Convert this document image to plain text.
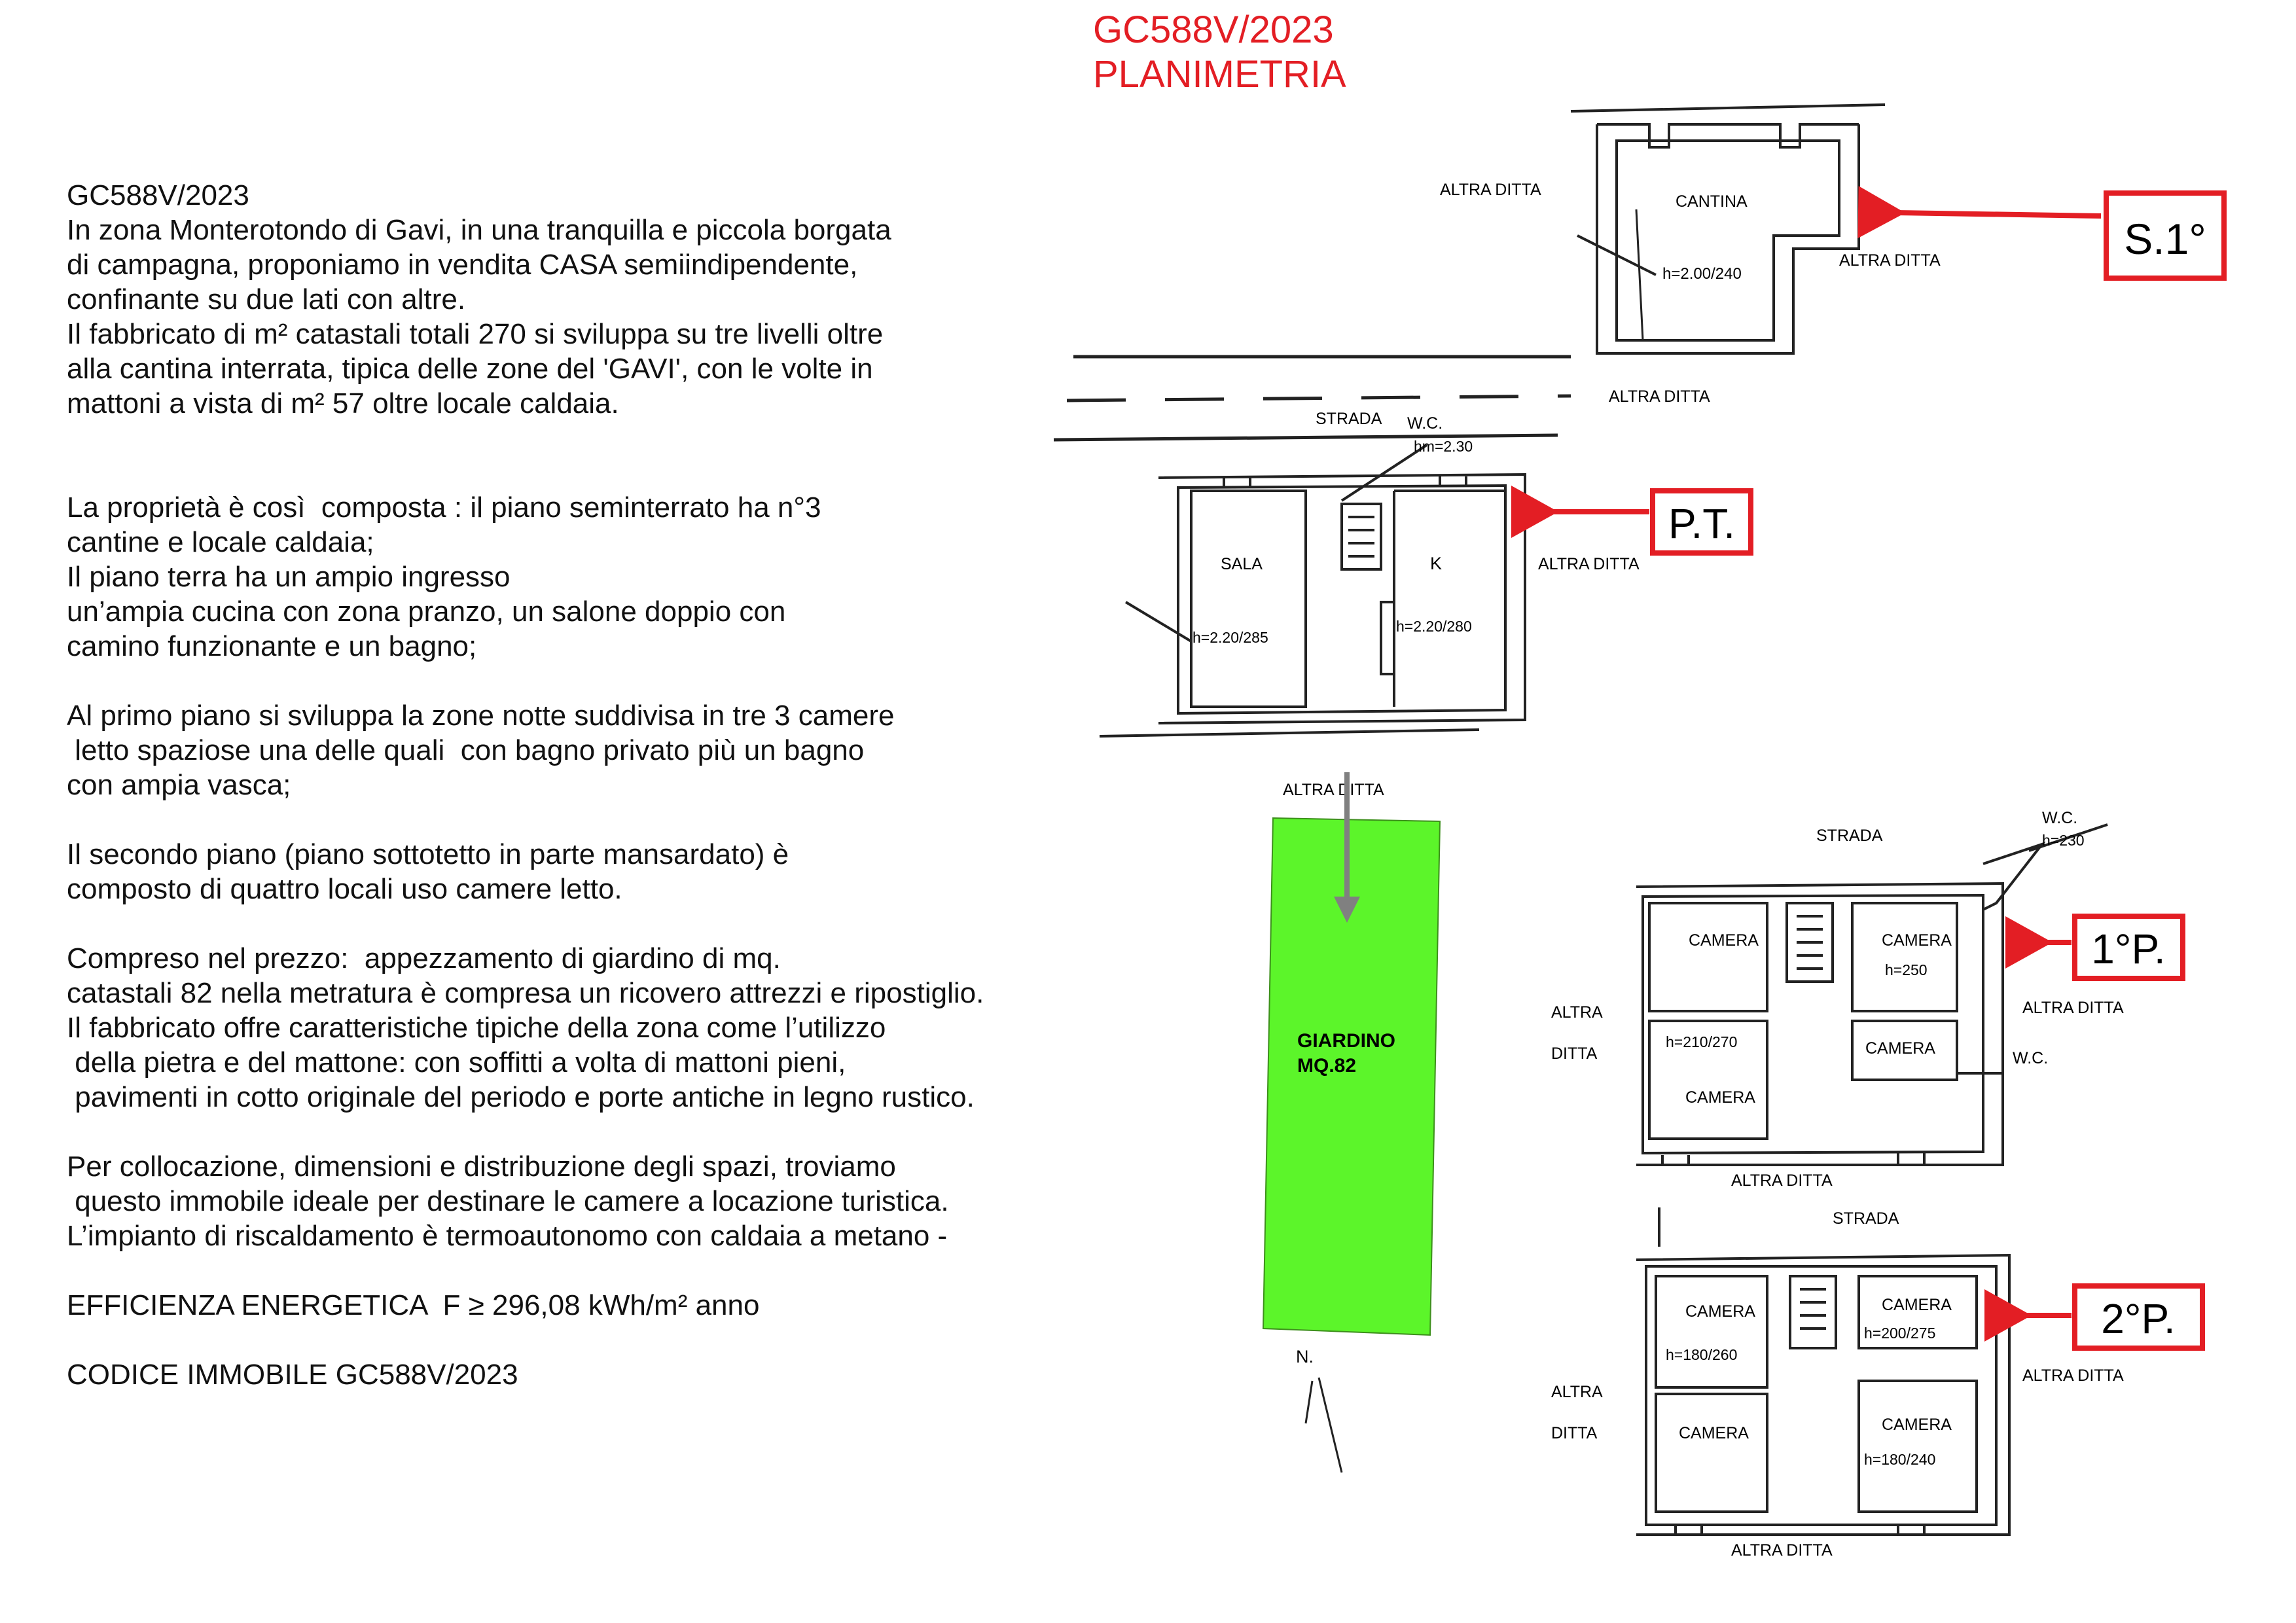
GC588V/2023
PLANIMETRIA

GC588V/2023

In zona Monterotondo di Gavi, in una tranquilla e piccola borgata

di campagna, proponiamo in vendita CASA semiindipendente,

confinante su due lati con altre.

Il fabbricato di m² catastali totali 270 si sviluppa su tre livelli oltre

alla cantina interrata, tipica delle zone del 'GAVI', con le volte in

mattoni a vista di m² 57 oltre locale caldaia.

La proprietà è così  composta : il piano seminterrato ha n°3

cantine e locale caldaia;

Il piano terra ha un ampio ingresso

un’ampia cucina con zona pranzo, un salone doppio con

camino funzionante e un bagno;

Al primo piano si sviluppa la zone notte suddivisa in tre 3 camere

letto spaziose una delle quali  con bagno privato più un bagno

con ampia vasca;

Il secondo piano (piano sottotetto in parte mansardato) è

composto di quattro locali uso camere letto.

Compreso nel prezzo:  appezzamento di giardino di mq.

catastali 82 nella metratura è compresa un ricovero attrezzi e ripostiglio.

Il fabbricato offre caratteristiche tipiche della zona come l’utilizzo

della pietra e del mattone: con soffitti a volta di mattoni pieni,

pavimenti in cotto originale del periodo e porte antiche in legno rustico.

Per collocazione, dimensioni e distribuzione degli spazi, troviamo

questo immobile ideale per destinare le camere a locazione turistica.

L’impianto di riscaldamento è termoautonomo con caldaia a metano -

EFFICIENZA ENERGETICA  F ≥ 296,08 kWh/m² anno

CODICE IMMOBILE GC588V/2023

ALTRA DITTA
CANTINA
h=2.00/240
ALTRA DITTA
ALTRA DITTA
STRADA W.C.
hm=2.30
SALA
h=2.20/285
K
h=2.20/280
ALTRA DITTA
ALTRA DITTA
GIARDINO
MQ.82
N.
STRADA
W.C.
h=230
CAMERA	CAMERA
h=250
h=210/270
CAMERA
CAMERA
W.C.
ALTRA
DITTA
ALTRA DITTA
ALTRA DITTA
STRADA
CAMERA
h=180/260
CAMERA
h=200/275
CAMERA	CAMERA
h=180/240
ALTRA
DITTA
ALTRA DITTA
ALTRA DITTA
S.1°
P.T.
1°P.
2°P.
